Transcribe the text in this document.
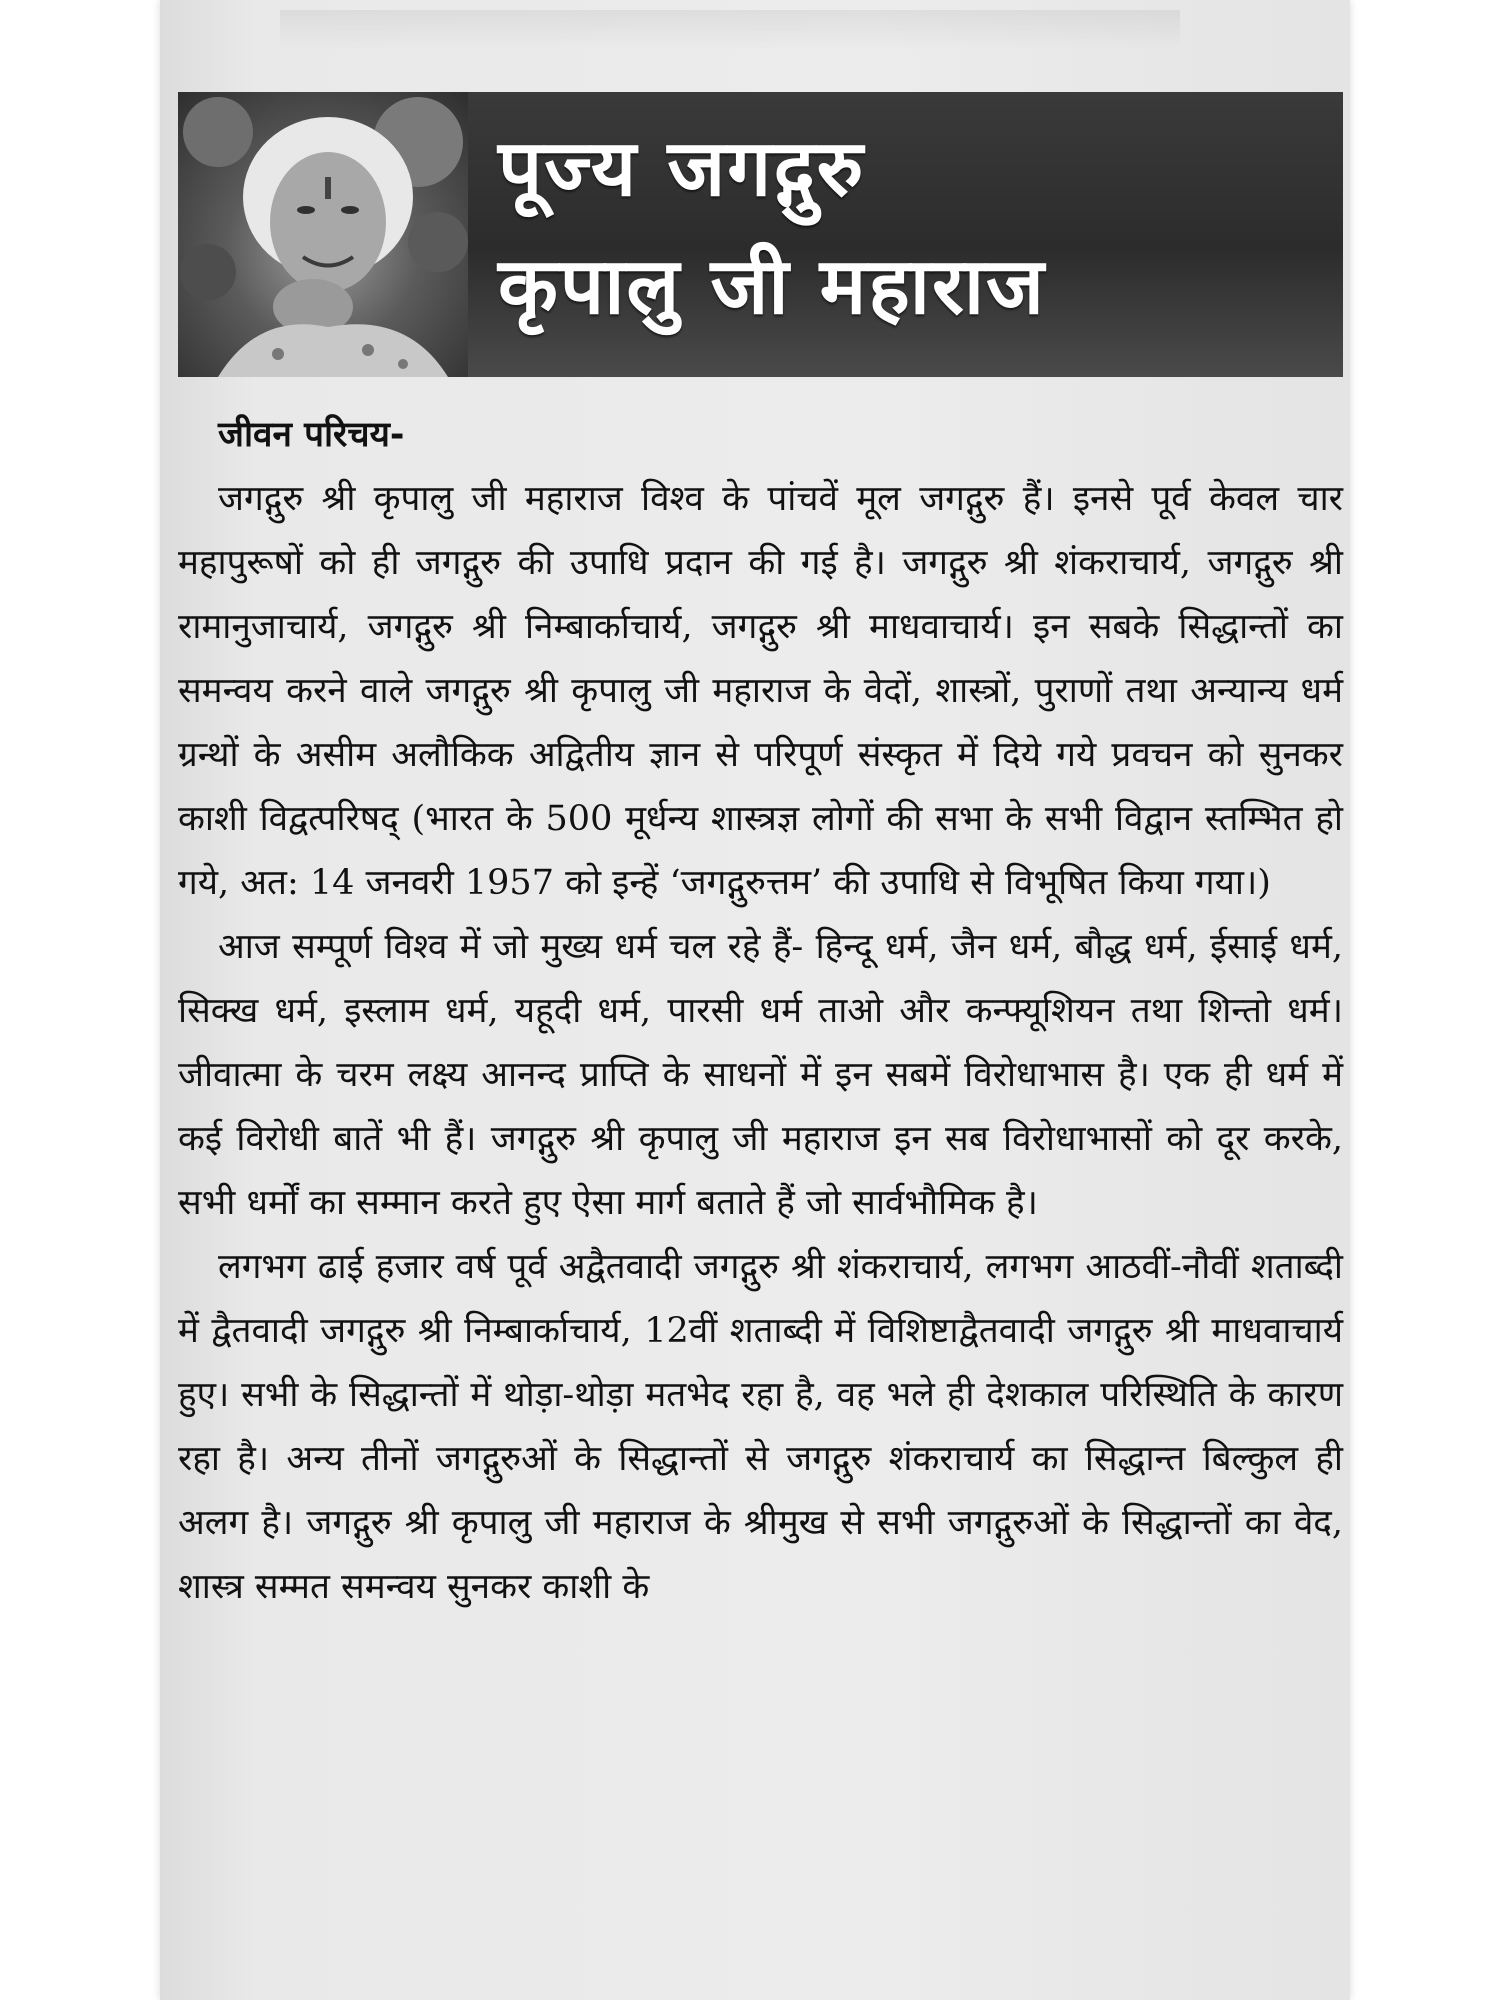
पूज्य जगद्गुरु
कृपालु जी महाराज

जीवन परिचय-

जगद्गुरु श्री कृपालु जी महाराज विश्व के पांचवें मूल जगद्गुरु हैं। इनसे पूर्व केवल चार महापुरूषों को ही जगद्गुरु की उपाधि प्रदान की गई है। जगद्गुरु श्री शंकराचार्य, जगद्गुरु श्री रामानुजाचार्य, जगद्गुरु श्री निम्बार्काचार्य, जगद्गुरु श्री माधवाचार्य। इन सबके सिद्धान्तों का समन्वय करने वाले जगद्गुरु श्री कृपालु जी महाराज के वेदों, शास्त्रों, पुराणों तथा अन्यान्य धर्म ग्रन्थों के असीम अलौकिक अद्वितीय ज्ञान से परिपूर्ण संस्कृत में दिये गये प्रवचन को सुनकर काशी विद्वत्परिषद् (भारत के 500 मूर्धन्य शास्त्रज्ञ लोगों की सभा के सभी विद्वान स्तम्भित हो गये, अत: 14 जनवरी 1957 को इन्हें ‘जगद्गुरुत्तम’ की उपाधि से विभूषित किया गया।)

आज सम्पूर्ण विश्व में जो मुख्य धर्म चल रहे हैं- हिन्दू धर्म, जैन धर्म, बौद्ध धर्म, ईसाई धर्म, सिक्ख धर्म, इस्लाम धर्म, यहूदी धर्म, पारसी धर्म ताओ और कन्फ्यूशियन तथा शिन्तो धर्म। जीवात्मा के चरम लक्ष्य आनन्द प्राप्ति के साधनों में इन सबमें विरोधाभास है। एक ही धर्म में कई विरोधी बातें भी हैं। जगद्गुरु श्री कृपालु जी महाराज इन सब विरोधाभासों को दूर करके, सभी धर्मों का सम्मान करते हुए ऐसा मार्ग बताते हैं जो सार्वभौमिक है।

लगभग ढाई हजार वर्ष पूर्व अद्वैतवादी जगद्गुरु श्री शंकराचार्य, लगभग आठवीं-नौवीं शताब्दी में द्वैतवादी जगद्गुरु श्री निम्बार्काचार्य, 12वीं शताब्दी में विशिष्टाद्वैतवादी जगद्गुरु श्री माधवाचार्य हुए। सभी के सिद्धान्तों में थोड़ा-थोड़ा मतभेद रहा है, वह भले ही देशकाल परिस्थिति के कारण रहा है। अन्य तीनों जगद्गुरुओं के सिद्धान्तों से जगद्गुरु शंकराचार्य का सिद्धान्त बिल्कुल ही अलग है। जगद्गुरु श्री कृपालु जी महाराज के श्रीमुख से सभी जगद्गुरुओं के सिद्धान्तों का वेद, शास्त्र सम्मत समन्वय सुनकर काशी के
